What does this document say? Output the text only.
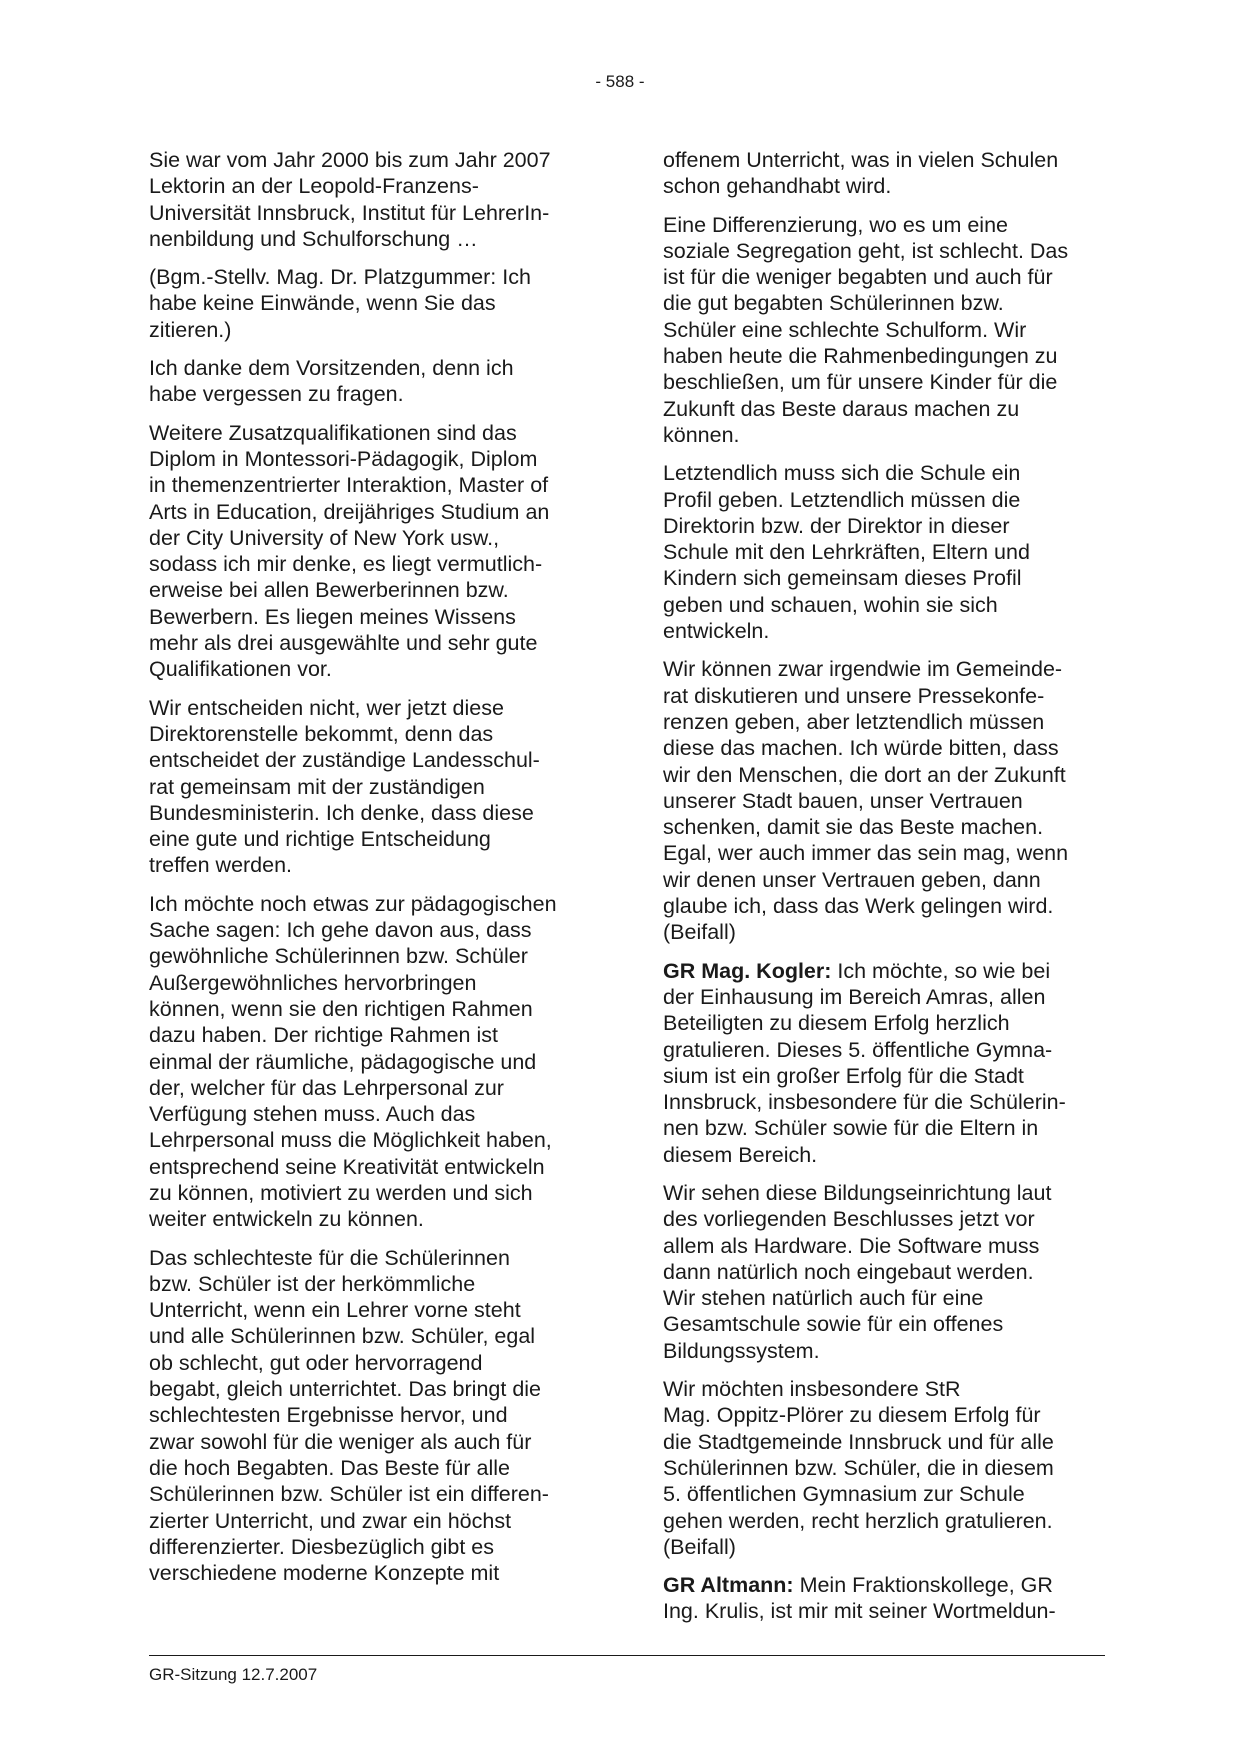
- 588 -

Sie war vom Jahr 2000 bis zum Jahr 2007
Lektorin an der Leopold-Franzens-
Universität Innsbruck, Institut für LehrerIn-
nenbildung und Schulforschung …

(Bgm.-Stellv. Mag. Dr. Platzgummer: Ich
habe keine Einwände, wenn Sie das
zitieren.)

Ich danke dem Vorsitzenden, denn ich
habe vergessen zu fragen.

Weitere Zusatzqualifikationen sind das
Diplom in Montessori-Pädagogik, Diplom
in themenzentrierter Interaktion, Master of
Arts in Education, dreijähriges Studium an
der City University of New York usw.,
sodass ich mir denke, es liegt vermutlich-
erweise bei allen Bewerberinnen bzw.
Bewerbern. Es liegen meines Wissens
mehr als drei ausgewählte und sehr gute
Qualifikationen vor.

Wir entscheiden nicht, wer jetzt diese
Direktorenstelle bekommt, denn das
entscheidet der zuständige Landesschul-
rat gemeinsam mit der zuständigen
Bundesministerin. Ich denke, dass diese
eine gute und richtige Entscheidung
treffen werden.

Ich möchte noch etwas zur pädagogischen
Sache sagen: Ich gehe davon aus, dass
gewöhnliche Schülerinnen bzw. Schüler
Außergewöhnliches hervorbringen
können, wenn sie den richtigen Rahmen
dazu haben. Der richtige Rahmen ist
einmal der räumliche, pädagogische und
der, welcher für das Lehrpersonal zur
Verfügung stehen muss. Auch das
Lehrpersonal muss die Möglichkeit haben,
entsprechend seine Kreativität entwickeln
zu können, motiviert zu werden und sich
weiter entwickeln zu können.

Das schlechteste für die Schülerinnen
bzw. Schüler ist der herkömmliche
Unterricht, wenn ein Lehrer vorne steht
und alle Schülerinnen bzw. Schüler, egal
ob schlecht, gut oder hervorragend
begabt, gleich unterrichtet. Das bringt die
schlechtesten Ergebnisse hervor, und
zwar sowohl für die weniger als auch für
die hoch Begabten. Das Beste für alle
Schülerinnen bzw. Schüler ist ein differen-
zierter Unterricht, und zwar ein höchst
differenzierter. Diesbezüglich gibt es
verschiedene moderne Konzepte mit

offenem Unterricht, was in vielen Schulen
schon gehandhabt wird.

Eine Differenzierung, wo es um eine
soziale Segregation geht, ist schlecht. Das
ist für die weniger begabten und auch für
die gut begabten Schülerinnen bzw.
Schüler eine schlechte Schulform. Wir
haben heute die Rahmenbedingungen zu
beschließen, um für unsere Kinder für die
Zukunft das Beste daraus machen zu
können.

Letztendlich muss sich die Schule ein
Profil geben. Letztendlich müssen die
Direktorin bzw. der Direktor in dieser
Schule mit den Lehrkräften, Eltern und
Kindern sich gemeinsam dieses Profil
geben und schauen, wohin sie sich
entwickeln.

Wir können zwar irgendwie im Gemeinde-
rat diskutieren und unsere Pressekonfe-
renzen geben, aber letztendlich müssen
diese das machen. Ich würde bitten, dass
wir den Menschen, die dort an der Zukunft
unserer Stadt bauen, unser Vertrauen
schenken, damit sie das Beste machen.
Egal, wer auch immer das sein mag, wenn
wir denen unser Vertrauen geben, dann
glaube ich, dass das Werk gelingen wird.
(Beifall)

GR Mag. Kogler: Ich möchte, so wie bei
der Einhausung im Bereich Amras, allen
Beteiligten zu diesem Erfolg herzlich
gratulieren. Dieses 5. öffentliche Gymna-
sium ist ein großer Erfolg für die Stadt
Innsbruck, insbesondere für die Schülerin-
nen bzw. Schüler sowie für die Eltern in
diesem Bereich.

Wir sehen diese Bildungseinrichtung laut
des vorliegenden Beschlusses jetzt vor
allem als Hardware. Die Software muss
dann natürlich noch eingebaut werden.
Wir stehen natürlich auch für eine
Gesamtschule sowie für ein offenes
Bildungssystem.

Wir möchten insbesondere StR
Mag. Oppitz-Plörer zu diesem Erfolg für
die Stadtgemeinde Innsbruck und für alle
Schülerinnen bzw. Schüler, die in diesem
5. öffentlichen Gymnasium zur Schule
gehen werden, recht herzlich gratulieren.
(Beifall)

GR Altmann: Mein Fraktionskollege, GR
Ing. Krulis, ist mir mit seiner Wortmeldun-

GR-Sitzung 12.7.2007
